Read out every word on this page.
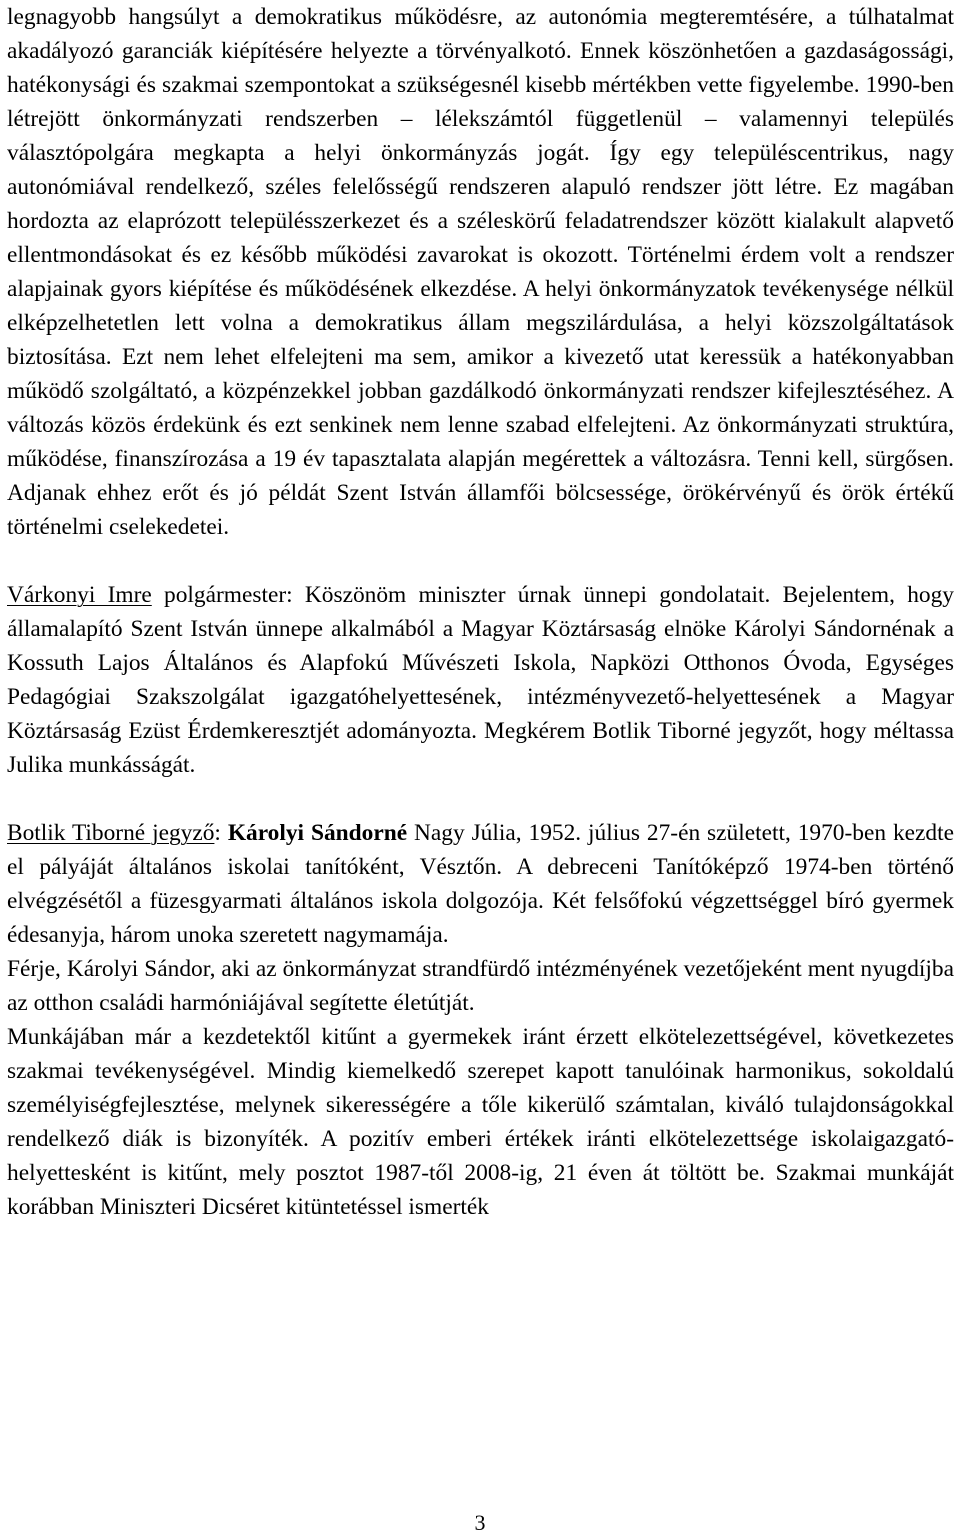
legnagyobb hangsúlyt a demokratikus működésre, az autonómia megteremtésére, a túlhatalmat akadályozó garanciák kiépítésére helyezte a törvényalkotó. Ennek köszönhetően a gazdaságossági, hatékonysági és szakmai szempontokat a szükségesnél kisebb mértékben vette figyelembe. 1990-ben létrejött önkormányzati rendszerben – lélekszámtól függetlenül – valamennyi település választópolgára megkapta a helyi önkormányzás jogát. Így egy településcentrikus, nagy autonómiával rendelkező, széles felelősségű rendszeren alapuló rendszer jött létre. Ez magában hordozta az elaprózott településszerkezet és a széleskörű feladatrendszer között kialakult alapvető ellentmondásokat és ez később működési zavarokat is okozott. Történelmi érdem volt a rendszer alapjainak gyors kiépítése és működésének elkezdése. A helyi önkormányzatok tevékenysége nélkül elképzelhetetlen lett volna a demokratikus állam megszilárdulása, a helyi közszolgáltatások biztosítása. Ezt nem lehet elfelejteni ma sem, amikor a kivezető utat keressük a hatékonyabban működő szolgáltató, a közpénzekkel jobban gazdálkodó önkormányzati rendszer kifejlesztéséhez. A változás közös érdekünk és ezt senkinek nem lenne szabad elfelejteni. Az önkormányzati struktúra, működése, finanszírozása a 19 év tapasztalata alapján megérettek a változásra. Tenni kell, sürgősen. Adjanak ehhez erőt és jó példát Szent István államfői bölcsessége, örökérvényű és örök értékű történelmi cselekedetei.

Várkonyi Imre polgármester: Köszönöm miniszter úrnak ünnepi gondolatait. Bejelentem, hogy államalapító Szent István ünnepe alkalmából a Magyar Köztársaság elnöke Károlyi Sándornénak a Kossuth Lajos Általános és Alapfokú Művészeti Iskola, Napközi Otthonos Óvoda, Egységes Pedagógiai Szakszolgálat igazgatóhelyettesének, intézményvezető-helyettesének a Magyar Köztársaság Ezüst Érdemkeresztjét adományozta. Megkérem Botlik Tiborné jegyzőt, hogy méltassa Julika munkásságát.

Botlik Tiborné jegyző: Károlyi Sándorné Nagy Júlia, 1952. július 27-én született, 1970-ben kezdte el pályáját általános iskolai tanítóként, Vésztőn. A debreceni Tanítóképző 1974-ben történő elvégzésétől a füzesgyarmati általános iskola dolgozója. Két felsőfokú végzettséggel bíró gyermek édesanyja, három unoka szeretett nagymamája.

Férje, Károlyi Sándor, aki az önkormányzat strandfürdő intézményének vezetőjeként ment nyugdíjba az otthon családi harmóniájával segítette életútját.

Munkájában már a kezdetektől kitűnt a gyermekek iránt érzett elkötelezettségével, következetes szakmai tevékenységével. Mindig kiemelkedő szerepet kapott tanulóinak harmonikus, sokoldalú személyiségfejlesztése, melynek sikerességére a tőle kikerülő számtalan, kiváló tulajdonságokkal rendelkező diák is bizonyíték. A pozitív emberi értékek iránti elkötelezettsége iskolaigazgató-helyettesként is kitűnt, mely posztot 1987-től 2008-ig, 21 éven át töltött be. Szakmai munkáját korábban Miniszteri Dicséret kitüntetéssel ismerték

3
